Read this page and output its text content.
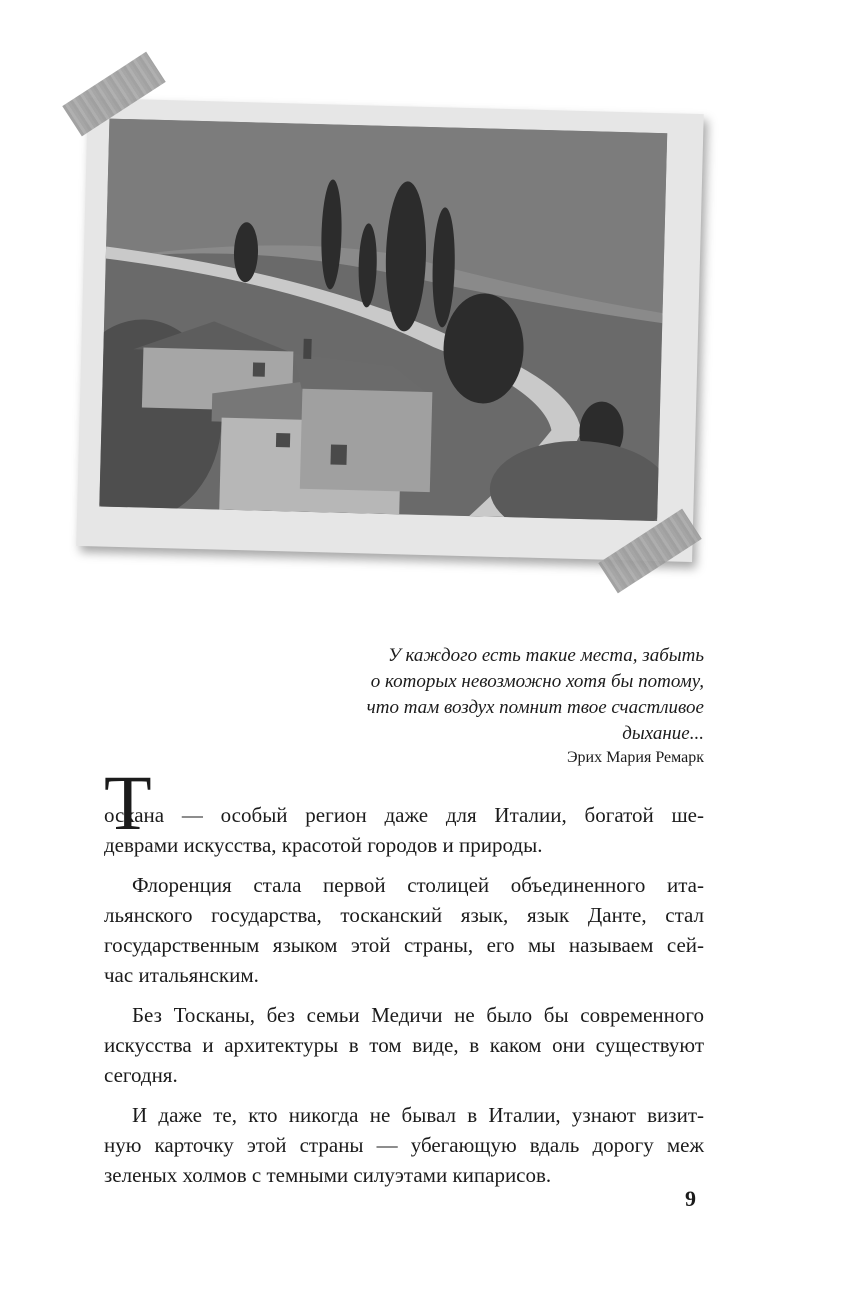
У каждого есть такие места, забыть
о которых невозможно хотя бы потому,
что там воздух помнит твое счастливое
дыхание...
Эрих Мария Ремарк
Т
оскана — особый регион даже для Италии, богатой ше-
деврами искусства, красотой городов и природы.
Флоренция стала первой столицей объединенного ита-
льянского государства, тосканский язык, язык Данте, стал
государственным языком этой страны, его мы называем сей-
час итальянским.
Без Тосканы, без семьи Медичи не было бы современного
искусства и архитектуры в том виде, в каком они существуют
сегодня.
И даже те, кто никогда не бывал в Италии, узнают визит-
ную карточку этой страны — убегающую вдаль дорогу меж
зеленых холмов с темными силуэтами кипарисов.
9
